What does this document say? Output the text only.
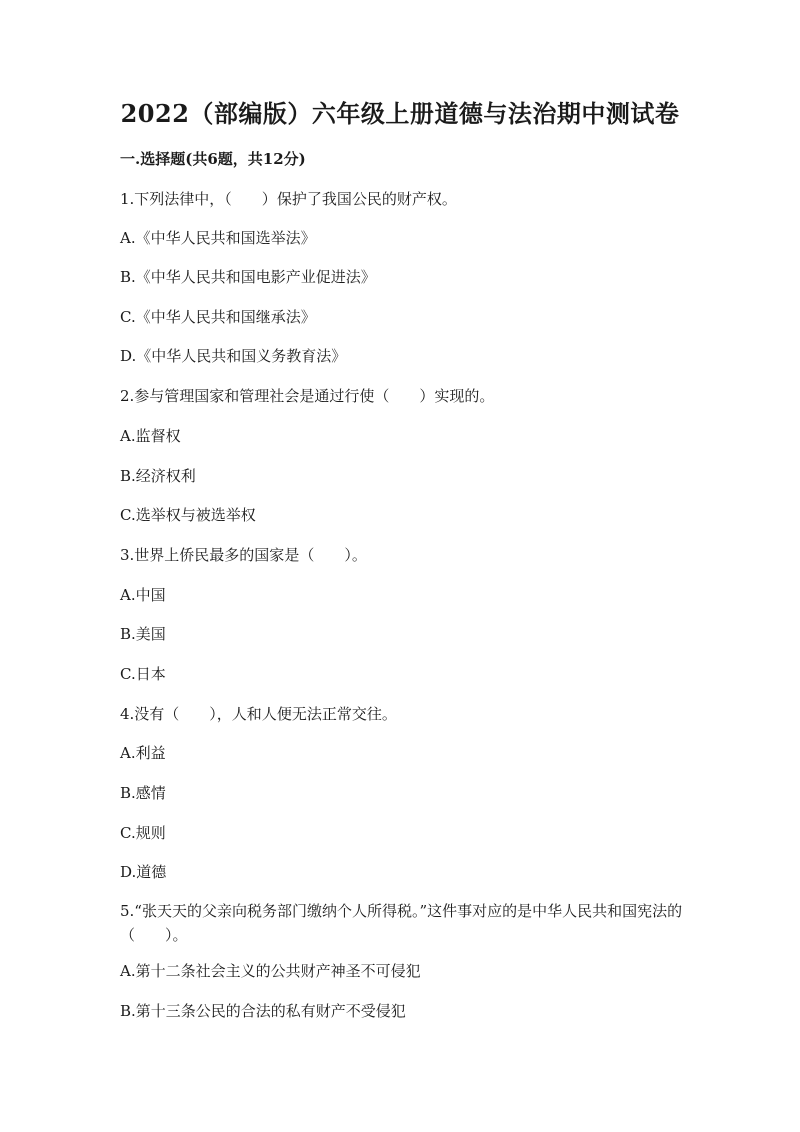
2022（部编版）六年级上册道德与法治期中测试卷
一.选择题(共6题，共12分)
1.下列法律中，（　　）保护了我国公民的财产权。
A.《中华人民共和国选举法》
B.《中华人民共和国电影产业促进法》
C.《中华人民共和国继承法》
D.《中华人民共和国义务教育法》
2.参与管理国家和管理社会是通过行使（　　）实现的。
A.监督权
B.经济权利
C.选举权与被选举权
3.世界上侨民最多的国家是（　　）。
A.中国
B.美国
C.日本
4.没有（　　），人和人便无法正常交往。
A.利益
B.感情
C.规则
D.道德
5.“张天天的父亲向税务部门缴纳个人所得税。”这件事对应的是中华人民共和国宪法的（　　）。
A.第十二条社会主义的公共财产神圣不可侵犯
B.第十三条公民的合法的私有财产不受侵犯
